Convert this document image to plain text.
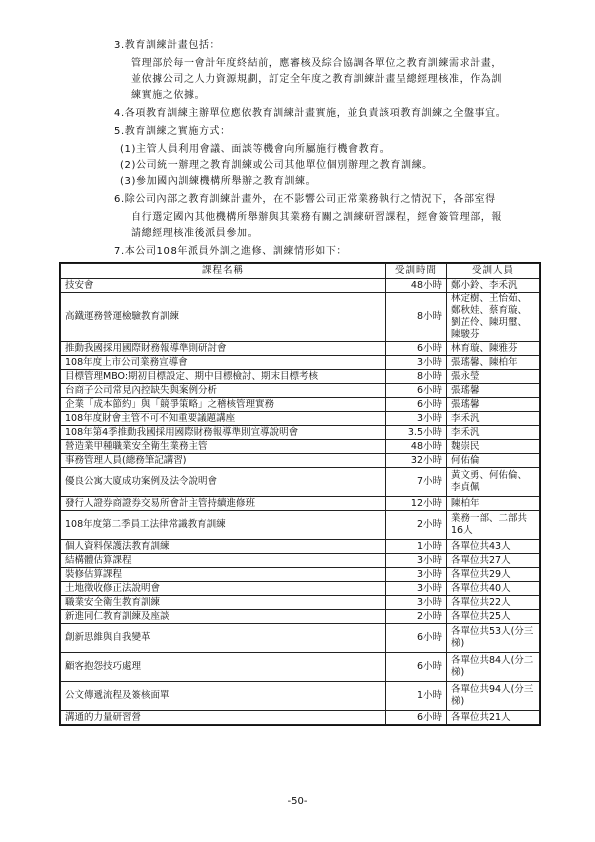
3.教育訓練計畫包括：
管理部於每一會計年度終結前，應審核及綜合協調各單位之教育訓練需求計畫，
並依據公司之人力資源規劃，訂定全年度之教育訓練計畫呈總經理核准，作為訓
練實施之依據。
4.各項教育訓練主辦單位應依教育訓練計畫實施，並負責該項教育訓練之全盤事宜。
5.教育訓練之實施方式：
(1)主管人員利用會議、面談等機會向所屬施行機會教育。
(2)公司統一辦理之教育訓練或公司其他單位個別辦理之教育訓練。
(3)參加國內訓練機構所舉辦之教育訓練。
6.除公司內部之教育訓練計畫外，在不影響公司正常業務執行之情況下，各部室得
自行選定國內其他機構所舉辦與其業務有關之訓練研習課程，經會簽管理部，報
請總經理核准後派員參加。
7.本公司108年派員外訓之進修、訓練情形如下：
課程名稱	受訓時間	受訓人員
技安會	48小時	鄭小鈴、李禾汎
高鐵運務營運檢驗教育訓練	8小時	林定樹、王怡茹、鄭秋娃、蔡育璇、劉芷伶、陳玥璽、陳駿芬
推動我國採用國際財務報導準則研討會	6小時	林育璇、陳雅芬
108年度上市公司業務宣導會	3小時	張瑤馨、陳柏年
目標管理MBO:期初目標設定、期中目標檢討、期末目標考核	8小時	張永瑩
台商子公司常見內控缺失與案例分析	6小時	張瑤馨
企業「成本節約」與「競爭策略」之稽核管理實務	6小時	張瑤馨
108年度財會主管不可不知重要議題講座	3小時	李禾汎
108年第4季推動我國採用國際財務報導準則宣導說明會	3.5小時	李禾汎
營造業甲種職業安全衛生業務主管	48小時	魏崇民
事務管理人員(總務筆記講習)	32小時	何佑倫
優良公寓大廈成功案例及法令說明會	7小時	黃文勇、何佑倫、李貞佩
發行人證券商證券交易所會計主管持續進修班	12小時	陳柏年
108年度第二季員工法律常識教育訓練	2小時	業務一部、二部共16人
個人資料保護法教育訓練	1小時	各單位共43人
結構體估算課程	3小時	各單位共27人
裝修估算課程	3小時	各單位共29人
土地徵收修正法說明會	3小時	各單位共40人
職業安全衛生教育訓練	3小時	各單位共22人
新進同仁教育訓練及座談	2小時	各單位共25人
創新思維與自我變革	6小時	各單位共53人(分三梯)
顧客抱怨技巧處理	6小時	各單位共84人(分二梯)
公文傳遞流程及簽核面單	1小時	各單位共94人(分三梯)
溝通的力量研習營	6小時	各單位共21人
-50-
